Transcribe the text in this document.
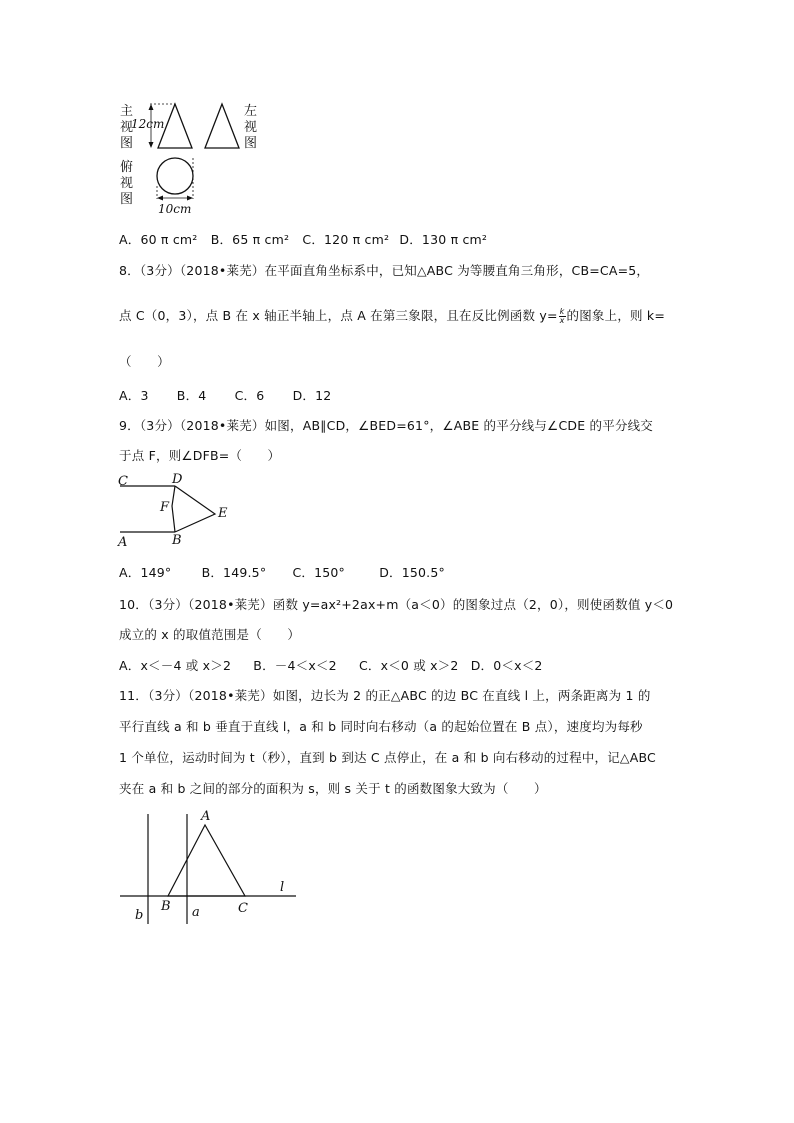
主
视
图
左
视
图
俯
视
图
12cm
10cm
A．60 π cm² B．65 π cm² C．120 π cm² D．130 π cm²
8．（3分）（2018•莱芜）在平面直角坐标系中，已知△ABC 为等腰直角三角形，CB=CA=5，
点 C（0，3），点 B 在 x 轴正半轴上，点 A 在第三象限，且在反比例函数 $y= \frac{k}{x}$ 的图象上，则 k=
（　　）
A．3 B．4 C．6 D．12
9．（3分）（2018•莱芜）如图，AB∥CD，∠BED=61°，∠ABE 的平分线与∠CDE 的平分线交
于点 F，则∠DFB=（　　）
C	D
F	E
A	B
A．149° B．149.5° C．150°	D．150.5°
10．（3分）（2018•莱芜）函数 y=ax²+2ax+m（a＜0）的图象过点（2，0），则使函数值 y＜0
成立的 x 的取值范围是（　　）
A．x＜－4 或 x＞2 B．－4＜x＜2 C．x＜0 或 x＞2 D．0＜x＜2
11．（3分）（2018•莱芜）如图，边长为 2 的正△ABC 的边 BC 在直线 l 上，两条距离为 1 的
平行直线 a 和 b 垂直于直线 l，a 和 b 同时向右移动（a 的起始位置在 B 点），速度均为每秒
1 个单位，运动时间为 t（秒），直到 b 到达 C 点停止，在 a 和 b 向右移动的过程中，记△ABC
夹在 a 和 b 之间的部分的面积为 s，则 s 关于 t 的函数图象大致为（　　）
A
l
B	C
a
b
